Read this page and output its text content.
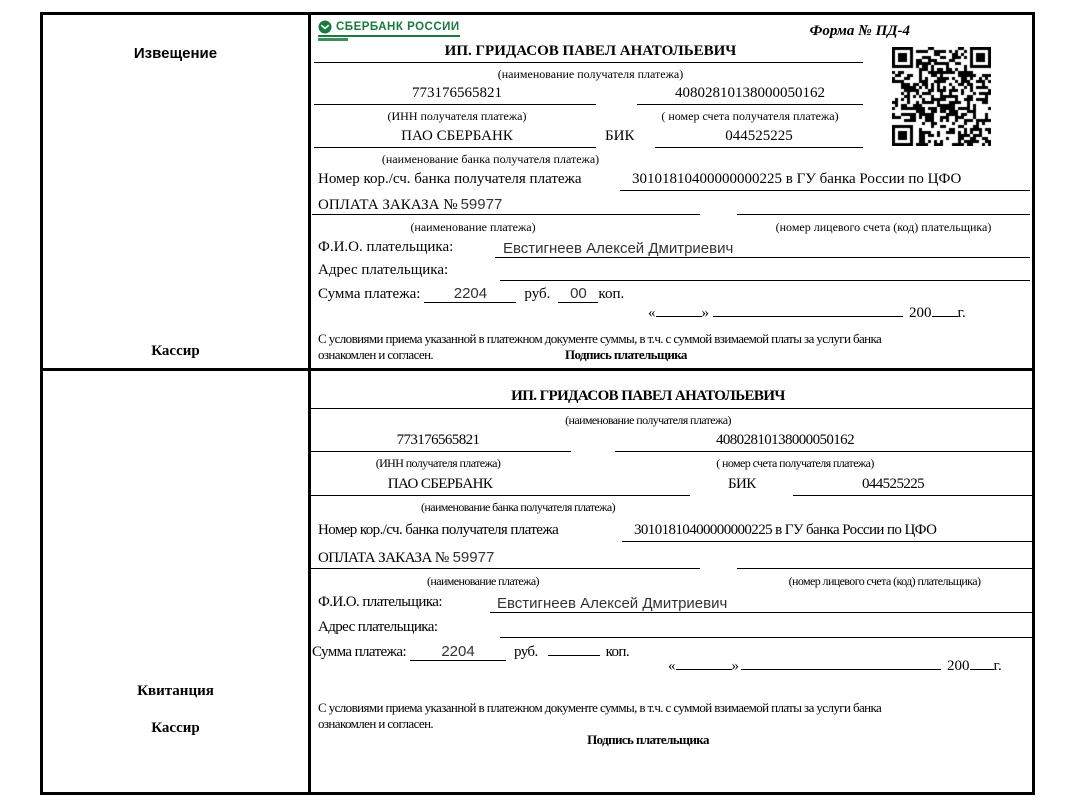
Извещение
Кассир
Квитанция
Кассир
СБЕРБАНК РОССИИ	Форма № ПД-4
ИП. ГРИДАСОВ ПАВЕЛ АНАТОЛЬЕВИЧ
(наименование получателя платежа)
773176565821	40802810138000050162
(ИНН получателя платежа)	( номер счета получателя платежа)
ПАО СБЕРБАНК	БИК	044525225
(наименование банка получателя платежа)
Номер кор./сч. банка получателя платежа	30101810400000000225 в ГУ банка России по ЦФО
ОПЛАТА ЗАКАЗА № 59977
(наименование платежа)	(номер лицевого счета (код) плательщика)
Ф.И.О. плательщика:	Евстигнеев Алексей Дмитриевич
Адрес плательщика:
Сумма платежа:	2204	руб.	00 коп.
«	»	200 г.
С условиями приема указанной в платежном документе суммы, в т.ч. с суммой взимаемой платы за услуги банка
ознакомлен и согласен.	Подпись плательщика
ИП. ГРИДАСОВ ПАВЕЛ АНАТОЛЬЕВИЧ
(наименование получателя платежа)
773176565821	40802810138000050162
(ИНН получателя платежа)	( номер счета получателя платежа)
ПАО СБЕРБАНК	БИК	044525225
(наименование банка получателя платежа)
Номер кор./сч. банка получателя платежа	30101810400000000225 в ГУ банка России по ЦФО
ОПЛАТА ЗАКАЗА № 59977
(наименование платежа)	(номер лицевого счета (код) плательщика)
Ф.И.О. плательщика:	Евстигнеев Алексей Дмитриевич
Адрес плательщика:
Сумма платежа:	2204	руб.	коп.
«	»	200 г.
С условиями приема указанной в платежном документе суммы, в т.ч. с суммой взимаемой платы за услуги банка
ознакомлен и согласен.
Подпись плательщика
